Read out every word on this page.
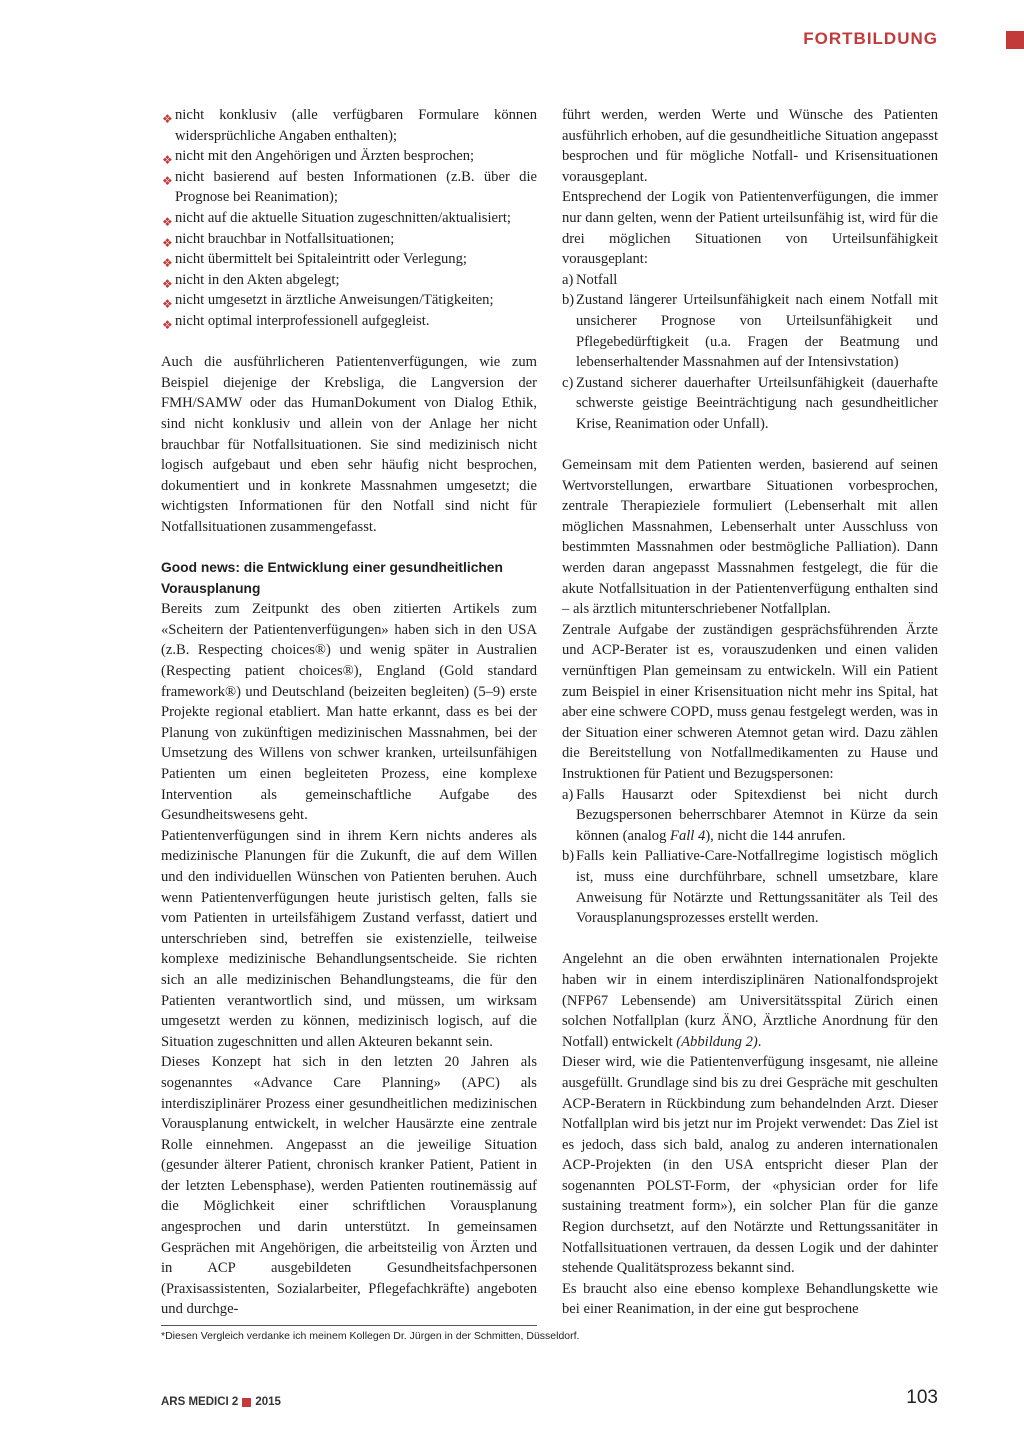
FORTBILDUNG
❖ nicht konklusiv (alle verfügbaren Formulare können widersprüchliche Angaben enthalten);
❖ nicht mit den Angehörigen und Ärzten besprochen;
❖ nicht basierend auf besten Informationen (z.B. über die Prognose bei Reanimation);
❖ nicht auf die aktuelle Situation zugeschnitten/aktualisiert;
❖ nicht brauchbar in Notfallsituationen;
❖ nicht übermittelt bei Spitaleintritt oder Verlegung;
❖ nicht in den Akten abgelegt;
❖ nicht umgesetzt in ärztliche Anweisungen/Tätigkeiten;
❖ nicht optimal interprofessionell aufgegleist.

Auch die ausführlicheren Patientenverfügungen, wie zum Beispiel diejenige der Krebsliga, die Langversion der FMH/SAMW oder das HumanDokument von Dialog Ethik, sind nicht konklusiv und allein von der Anlage her nicht brauchbar für Notfallsituationen. Sie sind medizinisch nicht logisch aufgebaut und eben sehr häufig nicht besprochen, dokumentiert und in konkrete Massnahmen umgesetzt; die wichtigsten Informationen für den Notfall sind nicht für Notfallsituationen zusammengefasst.

Good news: die Entwicklung einer gesundheitlichen Vorausplanung

Bereits zum Zeitpunkt des oben zitierten Artikels zum «Scheitern der Patientenverfügungen» haben sich in den USA (z.B. Respecting choices®) und wenig später in Australien (Respecting patient choices®), England (Gold standard framework®) und Deutschland (beizeiten begleiten) (5–9) erste Projekte regional etabliert. Man hatte erkannt, dass es bei der Planung von zukünftigen medizinischen Massnahmen, bei der Umsetzung des Willens von schwer kranken, urteilsunfähigen Patienten um einen begleiteten Prozess, eine komplexe Intervention als gemeinschaftliche Aufgabe des Gesundheitswesens geht.

Patientenverfügungen sind in ihrem Kern nichts anderes als medizinische Planungen für die Zukunft, die auf dem Willen und den individuellen Wünschen von Patienten beruhen. Auch wenn Patientenverfügungen heute juristisch gelten, falls sie vom Patienten in urteilsfähigem Zustand verfasst, datiert und unterschrieben sind, betreffen sie existenzielle, teilweise komplexe medizinische Behandlungsentscheide. Sie richten sich an alle medizinischen Behandlungsteams, die für den Patienten verantwortlich sind, und müssen, um wirksam umgesetzt werden zu können, medizinisch logisch, auf die Situation zugeschnitten und allen Akteuren bekannt sein.

Dieses Konzept hat sich in den letzten 20 Jahren als sogenanntes «Advance Care Planning» (APC) als interdisziplinärer Prozess einer gesundheitlichen medizinischen Vorausplanung entwickelt, in welcher Hausärzte eine zentrale Rolle einnehmen. Angepasst an die jeweilige Situation (gesunder älterer Patient, chronisch kranker Patient, Patient in der letzten Lebensphase), werden Patienten routinemässig auf die Möglichkeit einer schriftlichen Vorausplanung angesprochen und darin unterstützt. In gemeinsamen Gesprächen mit Angehörigen, die arbeitsteilig von Ärzten und in ACP ausgebildeten Gesundheitsfachpersonen (Praxisassistenten, Sozialarbeiter, Pflegefachkräfte) angeboten und durchge-

führt werden, werden Werte und Wünsche des Patienten ausführlich erhoben, auf die gesundheitliche Situation angepasst besprochen und für mögliche Notfall- und Krisensituationen vorausgeplant.

Entsprechend der Logik von Patientenverfügungen, die immer nur dann gelten, wenn der Patient urteilsunfähig ist, wird für die drei möglichen Situationen von Urteilsunfähigkeit vorausgeplant:

a) Notfall
b) Zustand längerer Urteilsunfähigkeit nach einem Notfall mit unsicherer Prognose von Urteilsunfähigkeit und Pflegebedürftigkeit (u.a. Fragen der Beatmung und lebenserhaltender Massnahmen auf der Intensivstation)
c) Zustand sicherer dauerhafter Urteilsunfähigkeit (dauerhafte schwerste geistige Beeinträchtigung nach gesundheitlicher Krise, Reanimation oder Unfall).

Gemeinsam mit dem Patienten werden, basierend auf seinen Wertvorstellungen, erwartbare Situationen vorbesprochen, zentrale Therapieziele formuliert (Lebenserhalt mit allen möglichen Massnahmen, Lebenserhalt unter Ausschluss von bestimmten Massnahmen oder bestmögliche Palliation). Dann werden daran angepasst Massnahmen festgelegt, die für die akute Notfallsituation in der Patientenverfügung enthalten sind – als ärztlich mitunterschriebener Notfallplan.

Zentrale Aufgabe der zuständigen gesprächsführenden Ärzte und ACP-Berater ist es, vorauszudenken und einen validen vernünftigen Plan gemeinsam zu entwickeln. Will ein Patient zum Beispiel in einer Krisensituation nicht mehr ins Spital, hat aber eine schwere COPD, muss genau festgelegt werden, was in der Situation einer schweren Atemnot getan wird. Dazu zählen die Bereitstellung von Notfallmedikamenten zu Hause und Instruktionen für Patient und Bezugspersonen:

a) Falls Hausarzt oder Spitexdienst bei nicht durch Bezugspersonen beherrschbarer Atemnot in Kürze da sein können (analog Fall 4), nicht die 144 anrufen.
b) Falls kein Palliative-Care-Notfallregime logistisch möglich ist, muss eine durchführbare, schnell umsetzbare, klare Anweisung für Notärzte und Rettungssanitäter als Teil des Vorausplanungsprozesses erstellt werden.

Angelehnt an die oben erwähnten internationalen Projekte haben wir in einem interdisziplinären Nationalfondsprojekt (NFP67 Lebensende) am Universitätsspital Zürich einen solchen Notfallplan (kurz ÄNO, Ärztliche Anordnung für den Notfall) entwickelt (Abbildung 2).

Dieser wird, wie die Patientenverfügung insgesamt, nie alleine ausgefüllt. Grundlage sind bis zu drei Gespräche mit geschulten ACP-Beratern in Rückbindung zum behandelnden Arzt. Dieser Notfallplan wird bis jetzt nur im Projekt verwendet: Das Ziel ist es jedoch, dass sich bald, analog zu anderen internationalen ACP-Projekten (in den USA entspricht dieser Plan der sogenannten POLST-Form, der «physician order for life sustaining treatment form»), ein solcher Plan für die ganze Region durchsetzt, auf den Notärzte und Rettungssanitäter in Notfallsituationen vertrauen, da dessen Logik und der dahinter stehende Qualitätsprozess bekannt sind.

Es braucht also eine ebenso komplexe Behandlungskette wie bei einer Reanimation, in der eine gut besprochene

*Diesen Vergleich verdanke ich meinem Kollegen Dr. Jürgen in der Schmitten, Düsseldorf.
ARS MEDICI 2 2015	103
